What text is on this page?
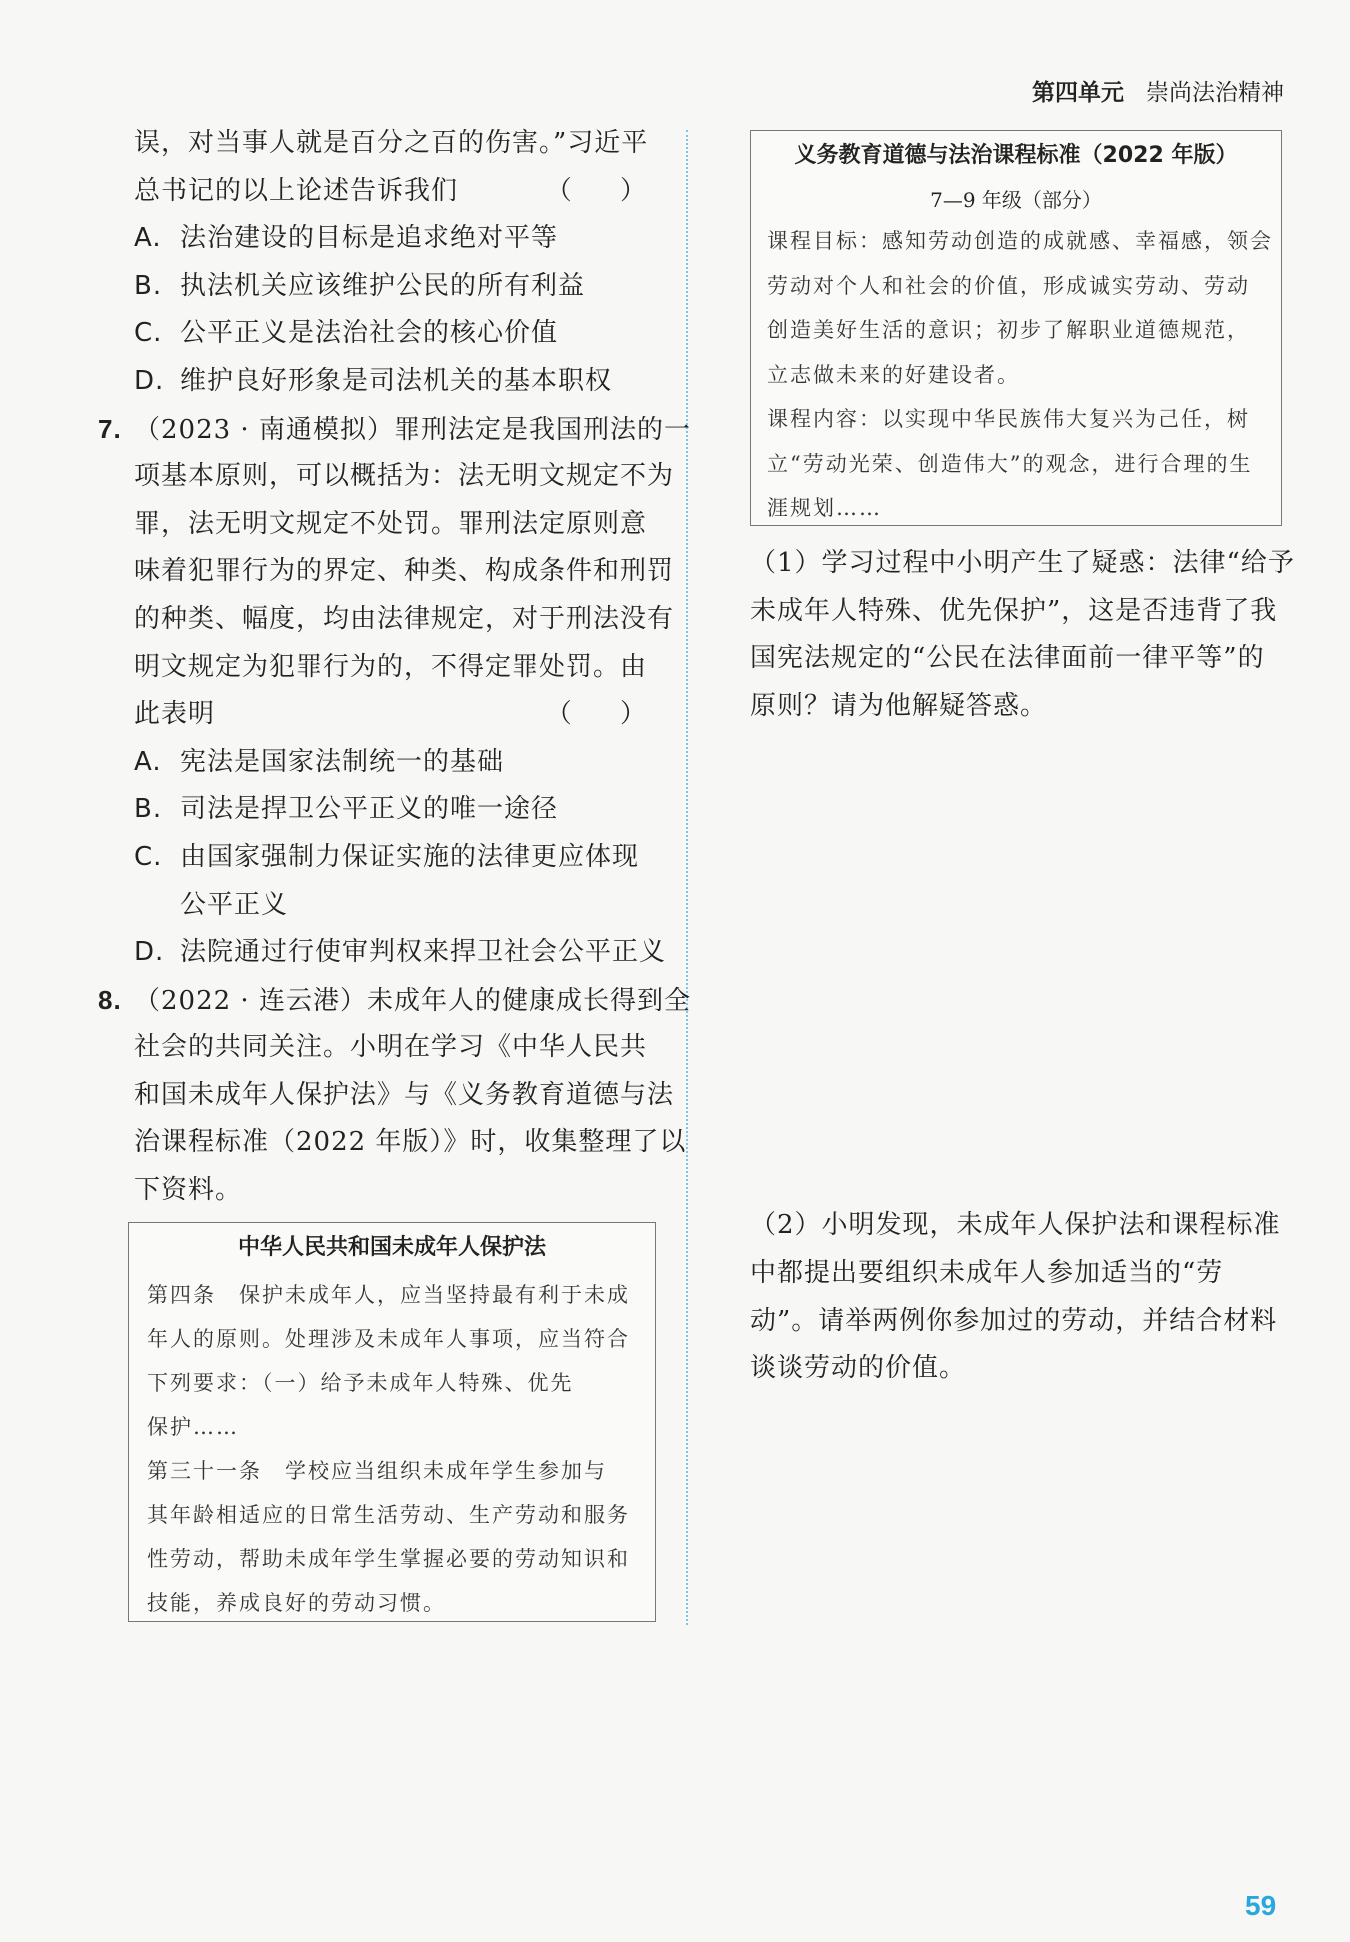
第四单元 崇尚法治精神
误，对当事人就是百分之百的伤害。”习近平
总书记的以上论述告诉我们	（ ）
A. 法治建设的目标是追求绝对平等
B. 执法机关应该维护公民的所有利益
C. 公平正义是法治社会的核心价值
D. 维护良好形象是司法机关的基本职权
7. （2023 · 南通模拟）罪刑法定是我国刑法的一
项基本原则，可以概括为：法无明文规定不为
罪，法无明文规定不处罚。罪刑法定原则意
味着犯罪行为的界定、种类、构成条件和刑罚
的种类、幅度，均由法律规定，对于刑法没有
明文规定为犯罪行为的，不得定罪处罚。由
此表明	（ ）
A. 宪法是国家法制统一的基础
B. 司法是捍卫公平正义的唯一途径
C. 由国家强制力保证实施的法律更应体现
公平正义
D. 法院通过行使审判权来捍卫社会公平正义
8. （2022 · 连云港）未成年人的健康成长得到全
社会的共同关注。小明在学习《中华人民共
和国未成年人保护法》与《义务教育道德与法
治课程标准（2022 年版）》时，收集整理了以
下资料。
中华人民共和国未成年人保护法
第四条　保护未成年人，应当坚持最有利于未成
年人的原则。处理涉及未成年人事项，应当符合
下列要求：（一）给予未成年人特殊、优先
保护……
第三十一条　学校应当组织未成年学生参加与
其年龄相适应的日常生活劳动、生产劳动和服务
性劳动，帮助未成年学生掌握必要的劳动知识和
技能，养成良好的劳动习惯。
义务教育道德与法治课程标准（2022 年版）
7—9 年级（部分）
课程目标：感知劳动创造的成就感、幸福感，领会
劳动对个人和社会的价值，形成诚实劳动、劳动
创造美好生活的意识；初步了解职业道德规范，
立志做未来的好建设者。
课程内容：以实现中华民族伟大复兴为己任，树
立“劳动光荣、创造伟大”的观念，进行合理的生
涯规划……
（1）学习过程中小明产生了疑惑：法律“给予
未成年人特殊、优先保护”，这是否违背了我
国宪法规定的“公民在法律面前一律平等”的
原则？请为他解疑答惑。
（2）小明发现，未成年人保护法和课程标准
中都提出要组织未成年人参加适当的“劳
动”。请举两例你参加过的劳动，并结合材料
谈谈劳动的价值。
59
